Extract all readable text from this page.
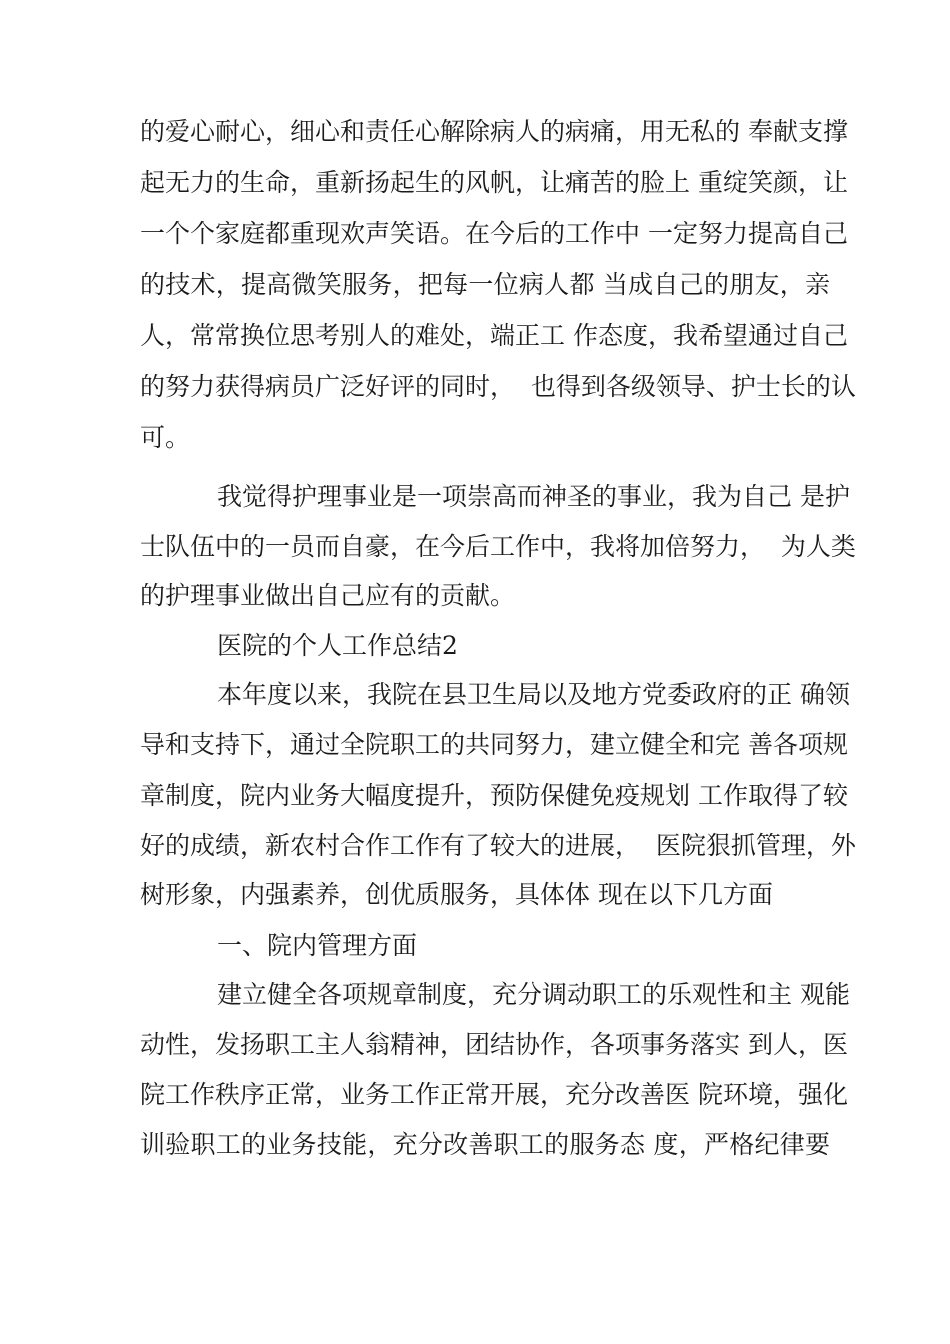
的爱心耐心，细心和责任心解除病人的病痛，用无私的 奉献支撑
起无力的生命，重新扬起生的风帆，让痛苦的脸上 重绽笑颜，让
一个个家庭都重现欢声笑语。在今后的工作中 一定努力提高自己
的技术，提高微笑服务，把每一位病人都 当成自己的朋友，亲
人，常常换位思考别人的难处，端正工 作态度，我希望通过自己
的努力获得病员广泛好评的同时，  也得到各级领导、护士长的认
可。
我觉得护理事业是一项崇高而神圣的事业，我为自己 是护
士队伍中的一员而自豪，在今后工作中，我将加倍努力，  为人类
的护理事业做出自己应有的贡献。
医院的个人工作总结2
本年度以来，我院在县卫生局以及地方党委政府的正 确领
导和支持下，通过全院职工的共同努力，建立健全和完 善各项规
章制度，院内业务大幅度提升，预防保健免疫规划 工作取得了较
好的成绩，新农村合作工作有了较大的进展，  医院狠抓管理，外
树形象，内强素养，创优质服务，具体体 现在以下几方面
一、院内管理方面
建立健全各项规章制度，充分调动职工的乐观性和主 观能
动性，发扬职工主人翁精神，团结协作，各项事务落实 到人，医
院工作秩序正常，业务工作正常开展，充分改善医 院环境，强化
训验职工的业务技能，充分改善职工的服务态 度，严格纪律要
